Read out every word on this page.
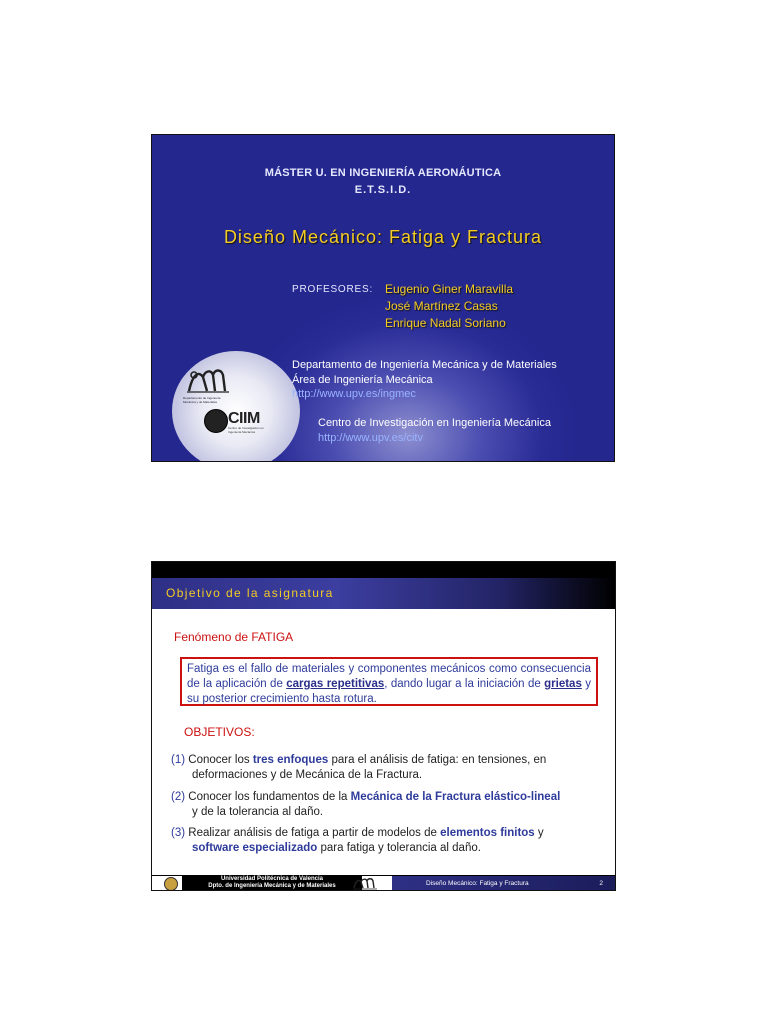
Departamento de Ingeniería Mecánica y de Materiales
CIIM
Centro de Investigación en Ingeniería Mecánica
MÁSTER U. EN INGENIERÍA AERONÁUTICA
E.T.S.I.D.
Diseño Mecánico: Fatiga y Fractura
PROFESORES: Eugenio Giner Maravilla
José Martínez Casas
Enrique Nadal Soriano
Departamento de Ingeniería Mecánica y de Materiales
Área de Ingeniería Mecánica
http://www.upv.es/ingmec
Centro de Investigación en Ingeniería Mecánica
http://www.upv.es/citv
Objetivo de la asignatura
Fenómeno de FATIGA
Fatiga es el fallo de materiales y componentes mecánicos como consecuencia de la aplicación de cargas repetitivas, dando lugar a la iniciación de grietas y su posterior crecimiento hasta rotura.
OBJETIVOS:
(1) Conocer los tres enfoques para el análisis de fatiga: en tensiones, en
deformaciones y de Mecánica de la Fractura.
(2) Conocer los fundamentos de la Mecánica de la Fractura elástico-lineal
y de la tolerancia al daño.
(3) Realizar análisis de fatiga a partir de modelos de elementos finitos y
software especializado para fatiga y tolerancia al daño.
Universidad Politécnica de Valencia
Dpto. de Ingeniería Mecánica y de Materiales	Diseño Mecánico: Fatiga y Fractura	2
